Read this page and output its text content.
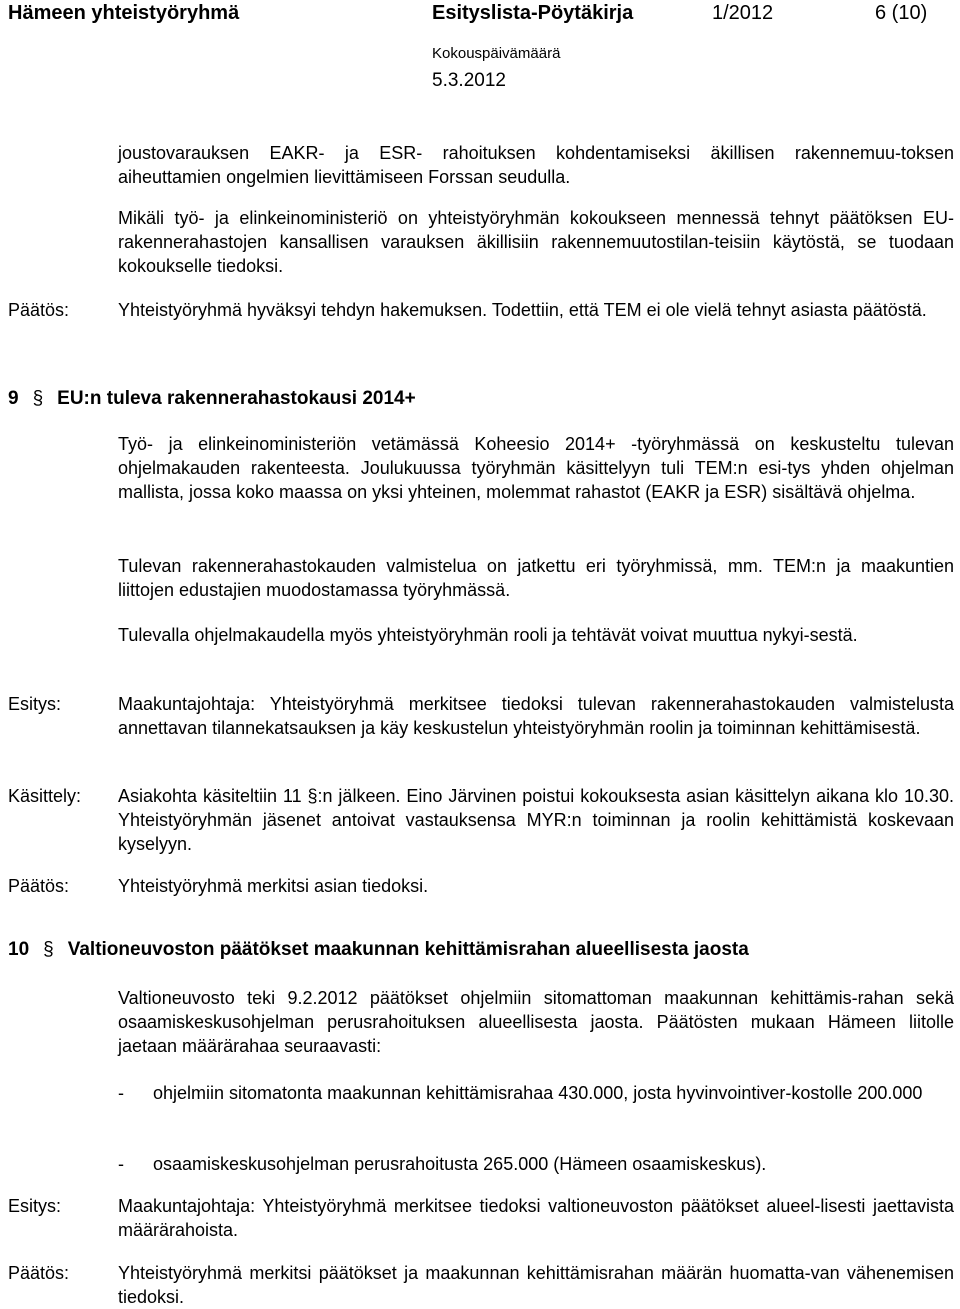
Hämeen yhteistyöryhmä	Esityslista-Pöytäkirja	1/2012	6 (10)
Kokouspäivämäärä
5.3.2012
joustovarauksen EAKR- ja ESR- rahoituksen kohdentamiseksi äkillisen rakennemuu-toksen aiheuttamien ongelmien lievittämiseen Forssan seudulla.
Mikäli työ- ja elinkeinoministeriö on yhteistyöryhmän kokoukseen mennessä tehnyt päätöksen EU-rakennerahastojen kansallisen varauksen äkillisiin rakennemuutostilan-teisiin käytöstä, se tuodaan kokoukselle tiedoksi.
Päätös:	Yhteistyöryhmä hyväksyi tehdyn hakemuksen. Todettiin, että TEM ei ole vielä tehnyt asiasta päätöstä.
9 § EU:n tuleva rakennerahastokausi 2014+
Työ- ja elinkeinoministeriön vetämässä Koheesio 2014+ -työryhmässä on keskusteltu tulevan ohjelmakauden rakenteesta. Joulukuussa työryhmän käsittelyyn tuli TEM:n esi-tys yhden ohjelman mallista, jossa koko maassa on yksi yhteinen, molemmat rahastot (EAKR ja ESR) sisältävä ohjelma.
Tulevan rakennerahastokauden valmistelua on jatkettu eri työryhmissä, mm. TEM:n ja maakuntien liittojen edustajien muodostamassa työryhmässä.
Tulevalla ohjelmakaudella myös yhteistyöryhmän rooli ja tehtävät voivat muuttua nykyi-sestä.
Esitys:	Maakuntajohtaja: Yhteistyöryhmä merkitsee tiedoksi tulevan rakennerahastokauden valmistelusta annettavan tilannekatsauksen ja käy keskustelun yhteistyöryhmän roolin ja toiminnan kehittämisestä.
Käsittely: Asiakohta käsiteltiin 11 §:n jälkeen. Eino Järvinen poistui kokouksesta asian käsittelyn aikana klo 10.30. Yhteistyöryhmän jäsenet antoivat vastauksensa MYR:n toiminnan ja roolin kehittämistä koskevaan kyselyyn.
Päätös:	Yhteistyöryhmä merkitsi asian tiedoksi.
10 § Valtioneuvoston päätökset maakunnan kehittämisrahan alueellisesta jaosta
Valtioneuvosto teki 9.2.2012 päätökset ohjelmiin sitomattoman maakunnan kehittämis-rahan sekä osaamiskeskusohjelman perusrahoituksen alueellisesta jaosta. Päätösten mukaan Hämeen liitolle jaetaan määrärahaa seuraavasti:
- ohjelmiin sitomatonta maakunnan kehittämisrahaa 430.000, josta hyvinvointiver-kostolle 200.000
- osaamiskeskusohjelman perusrahoitusta 265.000 (Hämeen osaamiskeskus).
Esitys:	Maakuntajohtaja: Yhteistyöryhmä merkitsee tiedoksi valtioneuvoston päätökset alueel-lisesti jaettavista määrärahoista.
Päätös:	Yhteistyöryhmä merkitsi päätökset ja maakunnan kehittämisrahan määrän huomatta-van vähenemisen tiedoksi.
